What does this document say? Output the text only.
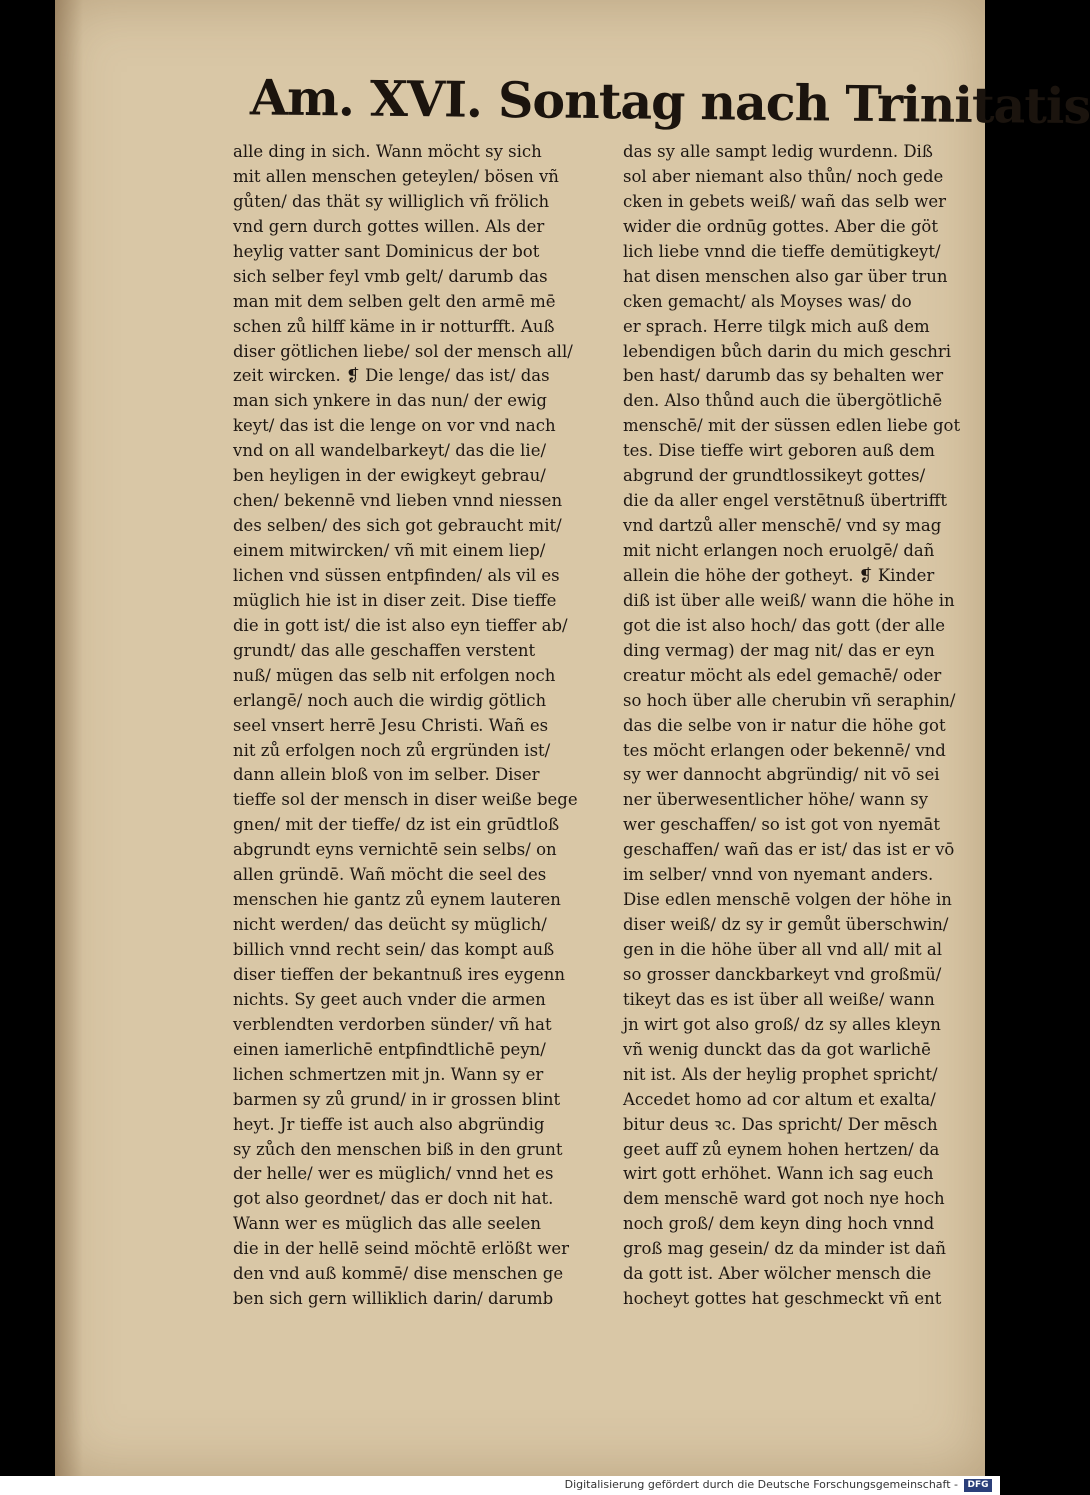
Am. XVI. Sontag nach Trinitatis
alle ding in sich. Wann möcht sy sich
mit allen menschen geteylen/ bösen vñ
gůten/ das thät sy williglich vñ frölich
vnd gern durch gottes willen. Als der
heylig vatter sant Dominicus der bot
sich selber feyl vmb gelt/ darumb das
man mit dem selben gelt den armē mē
schen zů hilff käme in ir notturfft. Auß
diser götlichen liebe/ sol der mensch all/
zeit wircken. ❡ Die lenge/ das ist/ das
man sich ynkere in das nun/ der ewig
keyt/ das ist die lenge on vor vnd nach
vnd on all wandelbarkeyt/ das die lie/
ben heyligen in der ewigkeyt gebrau/
chen/ bekennē vnd lieben vnnd niessen
des selben/ des sich got gebraucht mit/
einem mitwircken/ vñ mit einem liep/
lichen vnd süssen entpfinden/ als vil es
müglich hie ist in diser zeit. Dise tieffe
die in gott ist/ die ist also eyn tieffer ab/
grundt/ das alle geschaffen verstent
nuß/ mügen das selb nit erfolgen noch
erlangē/ noch auch die wirdig götlich
seel vnsert herrē Jesu Christi. Wañ es
nit zů erfolgen noch zů ergründen ist/
dann allein bloß von im selber. Diser
tieffe sol der mensch in diser weiße bege
gnen/ mit der tieffe/ dz ist ein grūdtloß
abgrundt eyns vernichtē sein selbs/ on
allen gründē. Wañ möcht die seel des
menschen hie gantz zů eynem lauteren
nicht werden/ das deücht sy müglich/
billich vnnd recht sein/ das kompt auß
diser tieffen der bekantnuß ires eygenn
nichts. Sy geet auch vnder die armen
verblendten verdorben sünder/ vñ hat
einen iamerlichē entpfindtlichē peyn/
lichen schmertzen mit jn. Wann sy er
barmen sy zů grund/ in ir grossen blint
heyt. Jr tieffe ist auch also abgründig
sy zůch den menschen biß in den grunt
der helle/ wer es müglich/ vnnd het es
got also geordnet/ das er doch nit hat.
Wann wer es müglich das alle seelen
die in der hellē seind möchtē erlößt wer
den vnd auß kommē/ dise menschen ge
ben sich gern williklich darin/ darumb
das sy alle sampt ledig wurdenn. Diß
sol aber niemant also thůn/ noch gede
cken in gebets weiß/ wañ das selb wer
wider die ordnūg gottes. Aber die göt
lich liebe vnnd die tieffe demütigkeyt/
hat disen menschen also gar über trun
cken gemacht/ als Moyses was/ do
er sprach. Herre tilgk mich auß dem
lebendigen bůch darin du mich geschri
ben hast/ darumb das sy behalten wer
den. Also thůnd auch die übergötlichē
menschē/ mit der süssen edlen liebe got
tes. Dise tieffe wirt geboren auß dem
abgrund der grundtlossikeyt gottes/
die da aller engel verstētnuß übertrifft
vnd dartzů aller menschē/ vnd sy mag
mit nicht erlangen noch eruolgē/ dañ
allein die höhe der gotheyt. ❡ Kinder
diß ist über alle weiß/ wann die höhe in
got die ist also hoch/ das gott (der alle
ding vermag) der mag nit/ das er eyn
creatur möcht als edel gemachē/ oder
so hoch über alle cherubin vñ seraphin/
das die selbe von ir natur die höhe got
tes möcht erlangen oder bekennē/ vnd
sy wer dannocht abgründig/ nit vō sei
ner überwesentlicher höhe/ wann sy
wer geschaffen/ so ist got von nyemāt
geschaffen/ wañ das er ist/ das ist er vō
im selber/ vnnd von nyemant anders.
Dise edlen menschē volgen der höhe in
diser weiß/ dz sy ir gemůt überschwin/
gen in die höhe über all vnd all/ mit al
so grosser danckbarkeyt vnd großmü/
tikeyt das es ist über all weiße/ wann
jn wirt got also groß/ dz sy alles kleyn
vñ wenig dunckt das da got warlichē
nit ist. Als der heylig prophet spricht/
Accedet homo ad cor altum et exalta/
bitur deus ꝛc. Das spricht/ Der mēsch
geet auff zů eynem hohen hertzen/ da
wirt gott erhöhet. Wann ich sag euch
dem menschē ward got noch nye hoch
noch groß/ dem keyn ding hoch vnnd
groß mag gesein/ dz da minder ist dañ
da gott ist. Aber wölcher mensch die
hocheyt gottes hat geschmeckt vñ ent
Digitalisierung gefördert durch die Deutsche Forschungsgemeinschaft -	DFG
